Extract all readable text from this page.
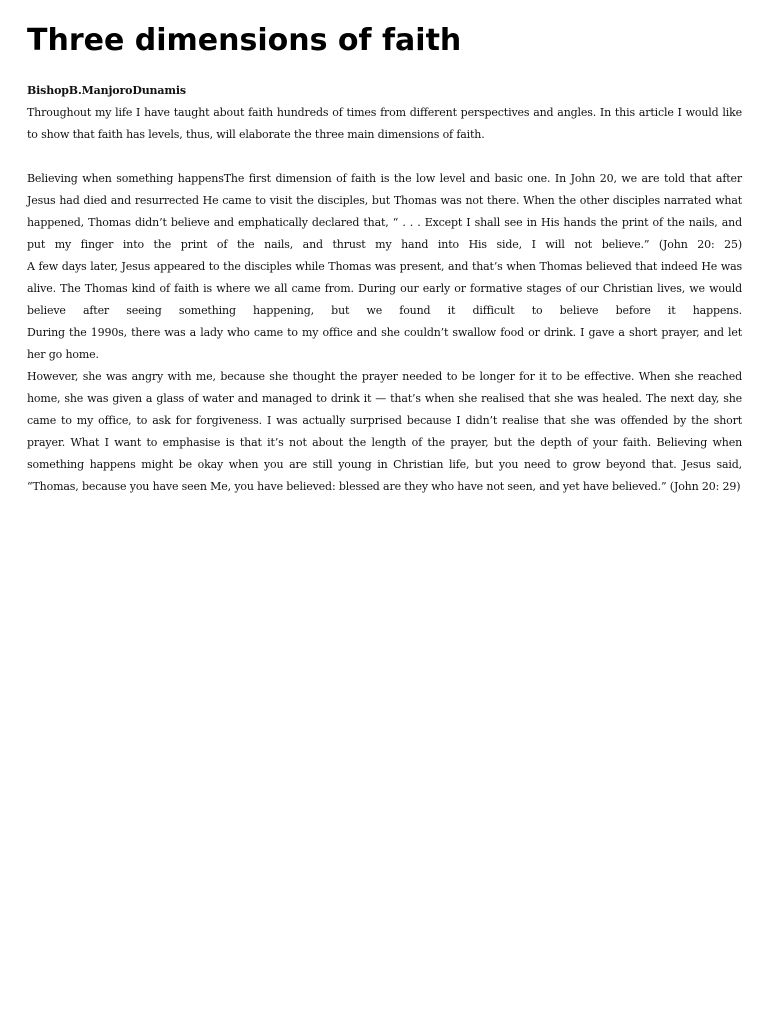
Three dimensions of faith
BishopB.ManjoroDunamis

Throughout my life I have taught about faith hundreds of times from different perspectives and angles. In this article I would like to show that faith has levels, thus, will elaborate the three main dimensions of faith.

Believing when something happensThe first dimension of faith is the low level and basic one. In John 20, we are told that after Jesus had died and resurrected He came to visit the disciples, but Thomas was not there. When the other disciples narrated what happened, Thomas didn’t believe and emphatically declared that, “ . . . Except I shall see in His hands the print of the nails, and put my finger into the print of the nails, and thrust my hand into His side, I will not believe.” (John 20: 25)

A few days later, Jesus appeared to the disciples while Thomas was present, and that’s when Thomas believed that indeed He was alive. The Thomas kind of faith is where we all came from. During our early or formative stages of our Christian lives, we would believe after seeing something happening, but we found it difficult to believe before it happens.

During the 1990s, there was a lady who came to my office and she couldn’t swallow food or drink. I gave a short prayer, and let her go home.

However, she was angry with me, because she thought the prayer needed to be longer for it to be effective. When she reached home, she was given a glass of water and managed to drink it — that’s when she realised that she was healed. The next day, she came to my office, to ask for forgiveness. I was actually surprised because I didn’t realise that she was offended by the short prayer. What I want to emphasise is that it’s not about the length of the prayer, but the depth of your faith. Believing when something happens might be okay when you are still young in Christian life, but you need to grow beyond that. Jesus said, “Thomas, because you have seen Me, you have believed: blessed are they who have not seen, and yet have believed.” (John 20: 29)
